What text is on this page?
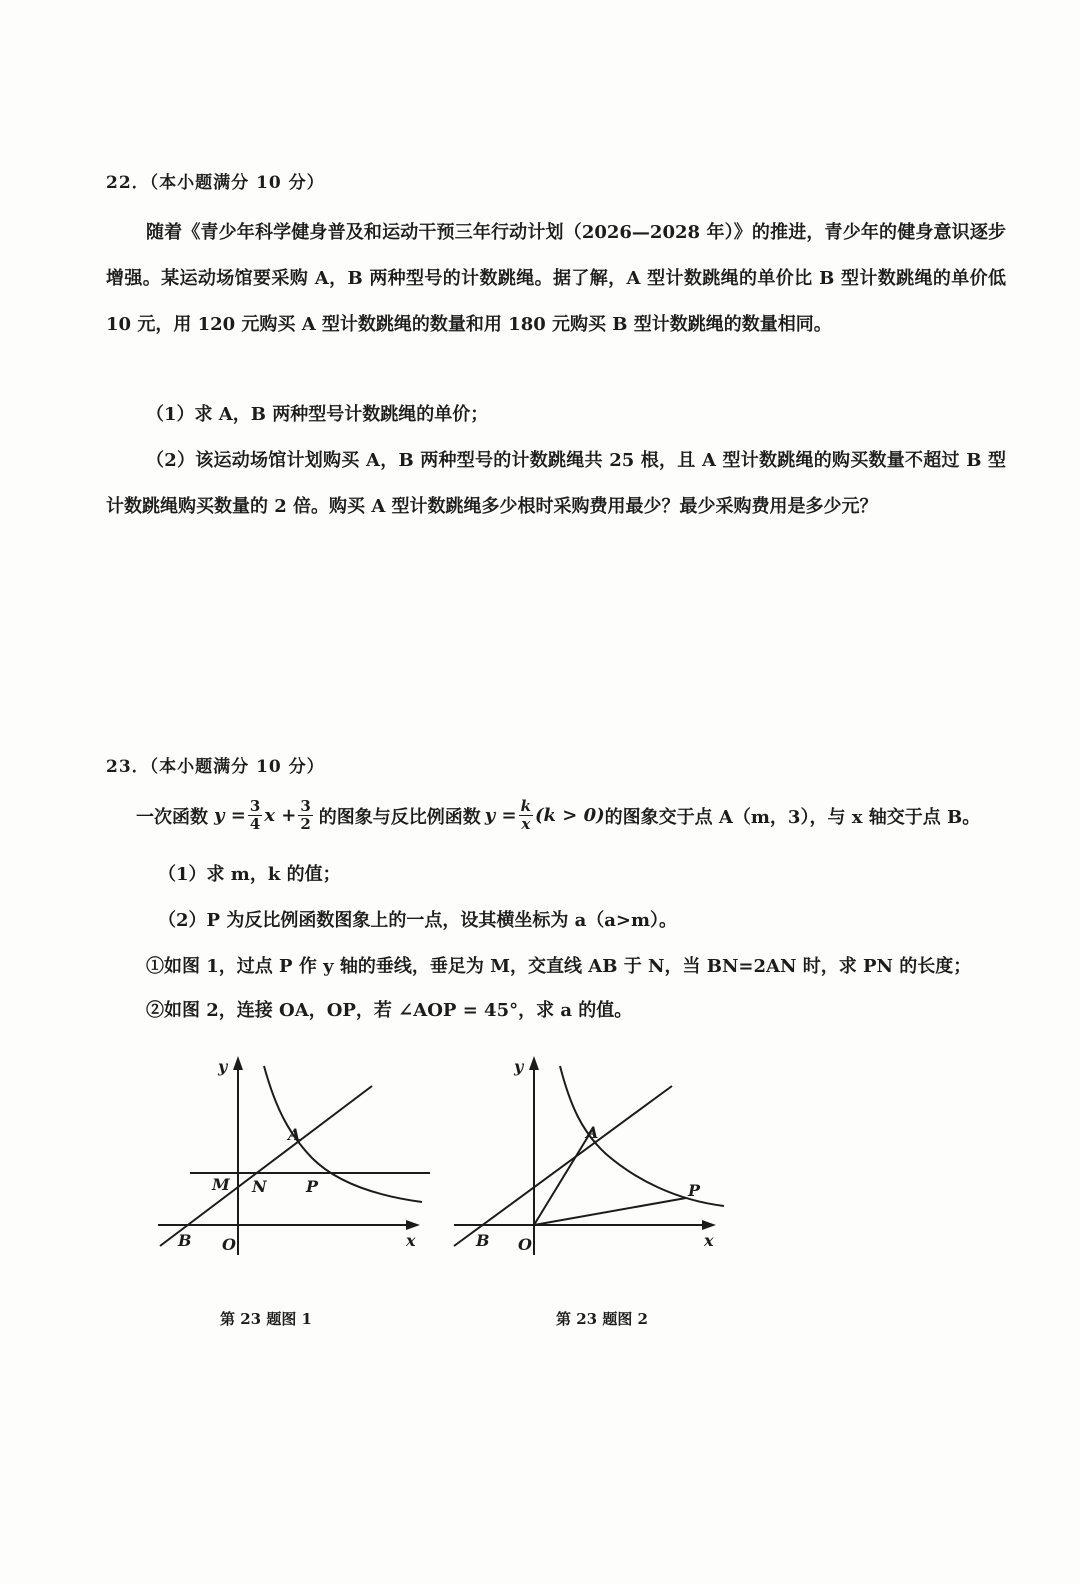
22．（本小题满分 10 分）
随着《青少年科学健身普及和运动干预三年行动计划（2026—2028 年）》的推进，青少年的健身意识逐步增强。某运动场馆要采购 A，B 两种型号的计数跳绳。据了解，A 型计数跳绳的单价比 B 型计数跳绳的单价低 10 元，用 120 元购买 A 型计数跳绳的数量和用 180 元购买 B 型计数跳绳的数量相同。
（1）求 A，B 两种型号计数跳绳的单价；
（2）该运动场馆计划购买 A，B 两种型号的计数跳绳共 25 根，且 A 型计数跳绳的购买数量不超过 B 型计数跳绳购买数量的 2 倍。购买 A 型计数跳绳多少根时采购费用最少？最少采购费用是多少元？
23．（本小题满分 10 分）
一次函数 $y = \frac{3}{4}$ $x + \frac{3}{2}$ 的图象与反比例函数 $y = \frac{k}{x} (k > 0)$ 的图象交于点 A（m，3），与 x 轴交于点 B。
（1）求 m，k 的值；
（2）P 为反比例函数图象上的一点，设其横坐标为 a（a>m）。
①如图 1，过点 P 作 y 轴的垂线，垂足为 M，交直线 AB 于 N，当 BN=2AN 时，求 PN 的长度；
②如图 2，连接 OA，OP，若 ∠AOP = 45°，求 a 的值。
y
x
O
A
B
M N P
y
x
O
A
B
P
第 23 题图 1	第 23 题图 2
